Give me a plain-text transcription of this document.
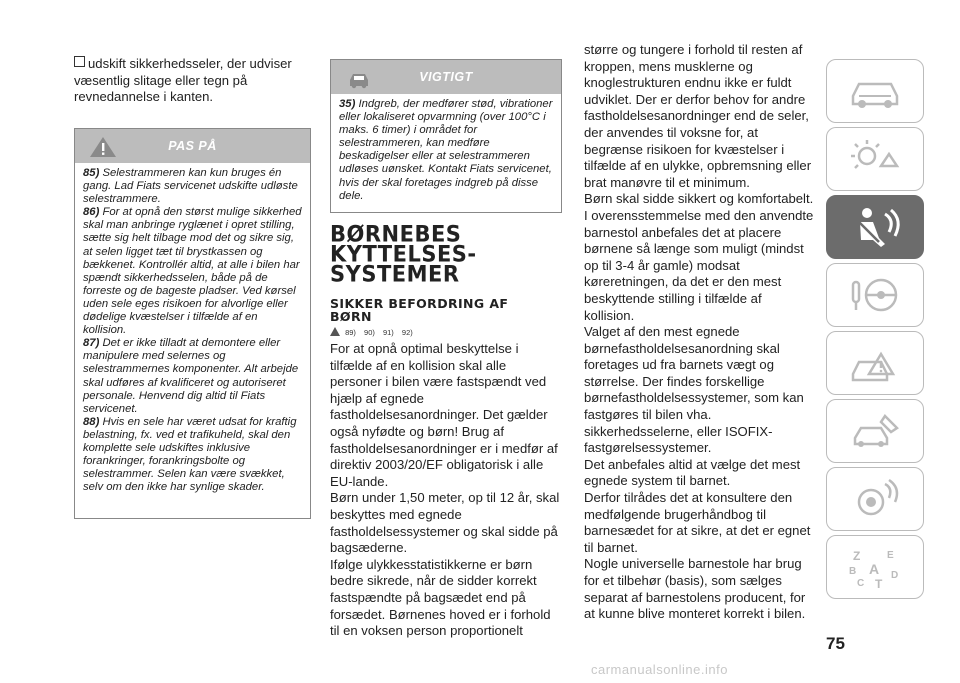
udskift sikkerhedsseler, der udviser væsentlig slitage eller tegn på revnedannelse i kanten.

PAS PÅ

85) Selestrammeren kan kun bruges én gang. Lad Fiats servicenet udskifte udløste selestrammere.

86) For at opnå den størst mulige sikkerhed skal man anbringe ryglænet i opret stilling, sætte sig helt tilbage mod det og sikre sig, at selen ligget tæt til brystkassen og bækkenet. Kontrollér altid, at alle i bilen har spændt sikkerhedsselen, både på de forreste og de bageste pladser. Ved kørsel uden sele eges risikoen for alvorlige eller dødelige kvæstelser i tilfælde af en kollision.

87) Det er ikke tilladt at demontere eller manipulere med selernes og selestrammernes komponenter. Alt arbejde skal udføres af kvalificeret og autoriseret personale. Henvend dig altid til Fiats servicenet.

88) Hvis en sele har været udsat for kraftig belastning, fx. ved et trafikuheld, skal den komplette sele udskiftes inklusive forankringer, forankringsbolte og selestrammer. Selen kan være svækket, selv om den ikke har synlige skader.

VIGTIGT

35) Indgreb, der medfører stød, vibrationer eller lokaliseret opvarmning (over 100°C i maks. 6 timer) i området for selestrammeren, kan medføre beskadigelser eller at selestrammeren udløses uønsket. Kontakt Fiats servicenet, hvis der skal foretages indgreb på disse dele.

BØRNEBES
KYTTELSES-
SYSTEMER
SIKKER BEFORDRING AF
BØRN
89) 90) 91) 92)

For at opnå optimal beskyttelse i tilfælde af en kollision skal alle personer i bilen være fastspændt ved hjælp af egnede fastholdelsesanordninger. Det gælder også nyfødte og børn! Brug af fastholdelsesanordninger er i medfør af direktiv 2003/20/EF obligatorisk i alle EU-lande.

Børn under 1,50 meter, op til 12 år, skal beskyttes med egnede fastholdelsessystemer og skal sidde på bagsæderne.

Ifølge ulykkesstatistikkerne er børn bedre sikrede, når de sidder korrekt fastspændte på bagsædet end på forsædet. Børnenes hoved er i forhold til en voksen person proportionelt

større og tungere i forhold til resten af kroppen, mens musklerne og knoglestrukturen endnu ikke er fuldt udviklet. Der er derfor behov for andre fastholdelsesanordninger end de seler, der anvendes til voksne for, at begrænse risikoen for kvæstelser i tilfælde af en ulykke, opbremsning eller brat manøvre til et minimum.

Børn skal sidde sikkert og komfortabelt. I overensstemmelse med den anvendte barnestol anbefales det at placere børnene så længe som muligt (mindst op til 3-4 år gamle) modsat køreretningen, da det er den mest beskyttende stilling i tilfælde af kollision.

Valget af den mest egnede børnefastholdelsesanordning skal foretages ud fra barnets vægt og størrelse. Der findes forskellige børnefastholdelsessystemer, som kan fastgøres til bilen vha. sikkerhedsselerne, eller ISOFIX-fastgørelsessystemer.

Det anbefales altid at vælge det mest egnede system til barnet.

Derfor tilrådes det at konsultere den medfølgende brugerhåndbog til barnesædet for at sikre, at det er egnet til barnet.

Nogle universelle barnestole har brug for et tilbehør (basis), som sælges separat af barnestolens producent, for at kunne blive monteret korrekt i bilen.

Z	E
B A
C T
D
75
carmanualsonline.info
